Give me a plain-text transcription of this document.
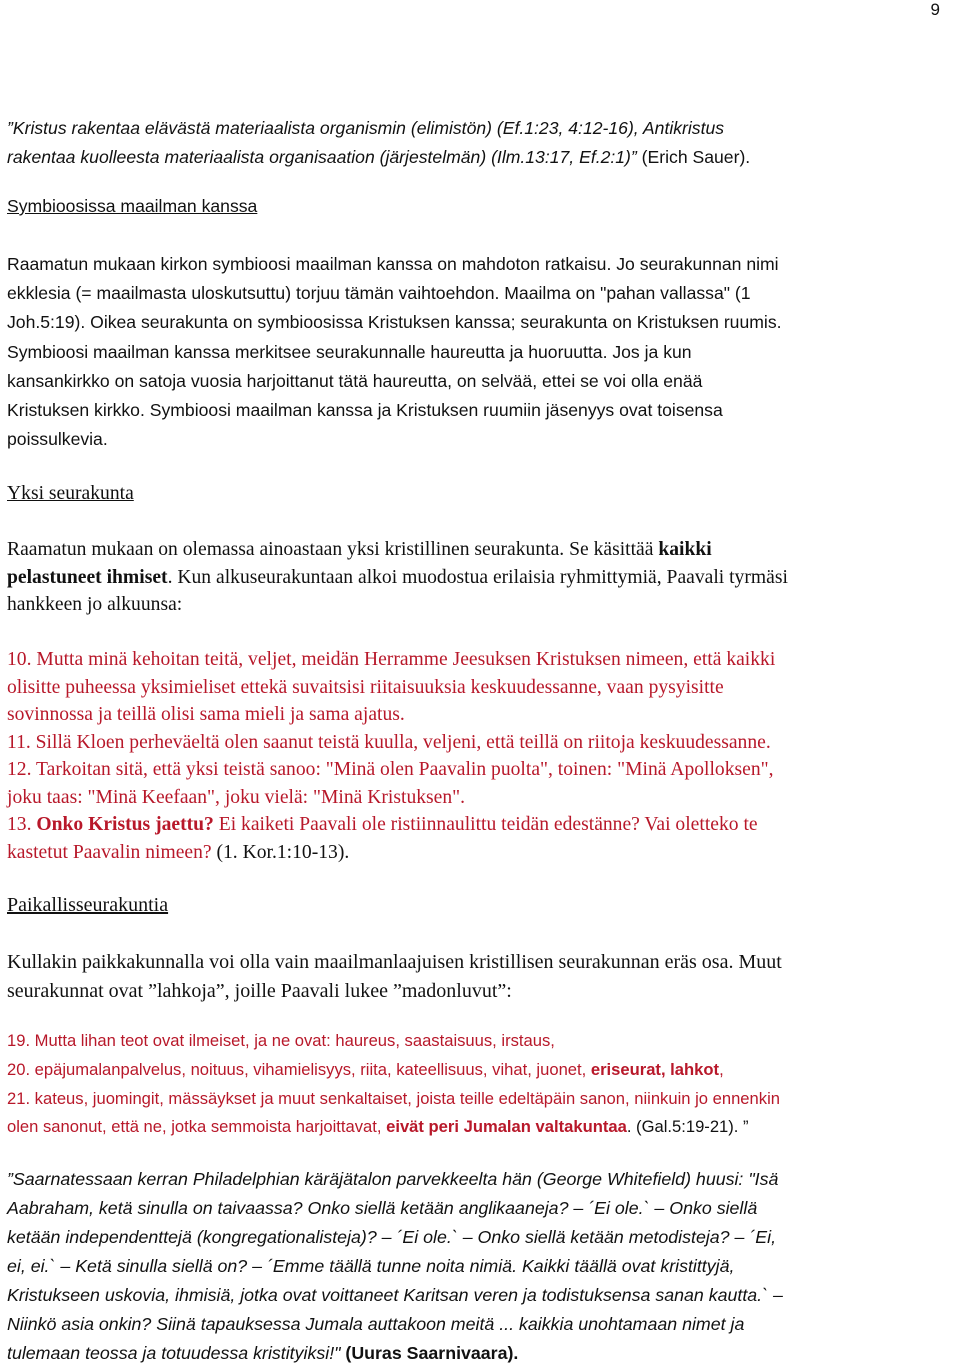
9
”Kristus rakentaa elävästä materiaalista organismin (elimistön) (Ef.1:23, 4:12-16), Antikristus
rakentaa kuolleesta materiaalista organisaation (järjestelmän) (Ilm.13:17, Ef.2:1)” (Erich Sauer).
Symbioosissa maailman kanssa
Raamatun mukaan kirkon symbioosi maailman kanssa on mahdoton ratkaisu. Jo seurakunnan nimi
ekklesia (= maailmasta uloskutsuttu) torjuu tämän vaihtoehdon. Maailma on "pahan vallassa" (1
Joh.5:19). Oikea seurakunta on symbioosissa Kristuksen kanssa; seurakunta on Kristuksen ruumis.
Symbioosi maailman kanssa merkitsee seurakunnalle haureutta ja huoruutta. Jos ja kun
kansankirkko on satoja vuosia harjoittanut tätä haureutta, on selvää, ettei se voi olla enää
Kristuksen kirkko. Symbioosi maailman kanssa ja Kristuksen ruumiin jäsenyys ovat toisensa
poissulkevia.
Yksi seurakunta
Raamatun mukaan on olemassa ainoastaan yksi kristillinen seurakunta. Se käsittää kaikki
pelastuneet ihmiset. Kun alkuseurakuntaan alkoi muodostua erilaisia ryhmittymiä, Paavali tyrmäsi
hankkeen jo alkuunsa:
10. Mutta minä kehoitan teitä, veljet, meidän Herramme Jeesuksen Kristuksen nimeen, että kaikki
olisitte puheessa yksimieliset ettekä suvaitsisi riitaisuuksia keskuudessanne, vaan pysyisitte
sovinnossa ja teillä olisi sama mieli ja sama ajatus.
11. Sillä Kloen perheväeltä olen saanut teistä kuulla, veljeni, että teillä on riitoja keskuudessanne.
12. Tarkoitan sitä, että yksi teistä sanoo: "Minä olen Paavalin puolta", toinen: "Minä Apolloksen",
joku taas: "Minä Keefaan", joku vielä: "Minä Kristuksen".
13. Onko Kristus jaettu? Ei kaiketi Paavali ole ristiinnaulittu teidän edestänne? Vai oletteko te
kastetut Paavalin nimeen? (1. Kor.1:10-13).
Paikallisseurakuntia
Kullakin paikkakunnalla voi olla vain maailmanlaajuisen kristillisen seurakunnan eräs osa. Muut
seurakunnat ovat ”lahkoja”, joille Paavali lukee ”madonluvut”:
19. Mutta lihan teot ovat ilmeiset, ja ne ovat: haureus, saastaisuus, irstaus,
20. epäjumalanpalvelus, noituus, vihamielisyys, riita, kateellisuus, vihat, juonet, eriseurat, lahkot,
21. kateus, juomingit, mässäykset ja muut senkaltaiset, joista teille edeltäpäin sanon, niinkuin jo ennenkin
olen sanonut, että ne, jotka semmoista harjoittavat, eivät peri Jumalan valtakuntaa. (Gal.5:19-21). ”
”Saarnatessaan kerran Philadelphian käräjätalon parvekkeelta hän (George Whitefield) huusi: "Isä
Aabraham, ketä sinulla on taivaassa? Onko siellä ketään anglikaaneja? – ´Ei ole.` – Onko siellä
ketään independenttejä (kongregationalisteja)? – ´Ei ole.` – Onko siellä ketään metodisteja? – ´Ei,
ei, ei.` – Ketä sinulla siellä on? – ´Emme täällä tunne noita nimiä. Kaikki täällä ovat kristittyjä,
Kristukseen uskovia, ihmisiä, jotka ovat voittaneet Karitsan veren ja todistuksensa sanan kautta.` –
Niinkö asia onkin? Siinä tapauksessa Jumala auttakoon meitä ... kaikkia unohtamaan nimet ja
tulemaan teossa ja totuudessa kristityiksi!" (Uuras Saarnivaara).
